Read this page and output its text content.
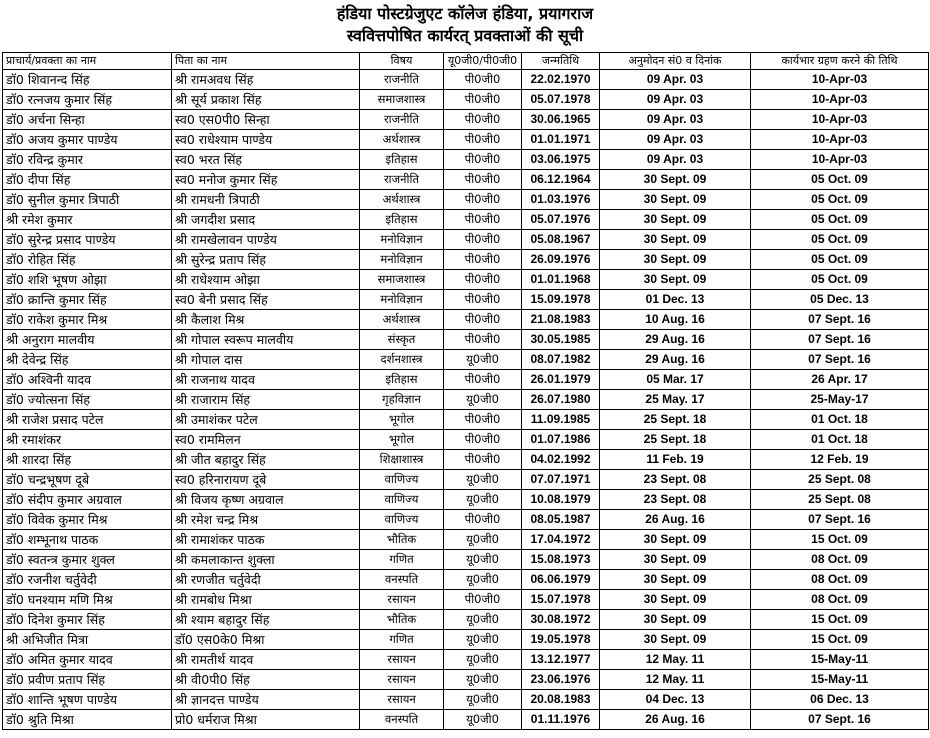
हंडिया पोस्टग्रेजुएट कॉलेज हंडिया, प्रयागराज
स्ववित्तपोषित कार्यरत् प्रवक्ताओं की सूची
प्राचार्य/प्रवक्ता का नाम	पिता का नाम	विषय	यू0जी0/पी0जी0	जन्मतिथि	अनुमोदन सं0 व दिनांक	कार्यभार ग्रहण करने की तिथि
डॉ0 शिवानन्द सिंह	श्री रामअवध सिंह	राजनीति	पी0जी0	22.02.1970	09 Apr. 03	10-Apr-03
डॉ0 रत्नजय कुमार सिंह	श्री सूर्य प्रकाश सिंह	समाजशास्त्र	पी0जी0	05.07.1978	09 Apr. 03	10-Apr-03
डॉ0 अर्चना सिन्हा	स्व0 एस0पी0 सिन्हा	राजनीति	पी0जी0	30.06.1965	09 Apr. 03	10-Apr-03
डॉ0 अजय कुमार पाण्डेय	स्व0 राधेश्याम पाण्डेय	अर्थशास्त्र	पी0जी0	01.01.1971	09 Apr. 03	10-Apr-03
डॉ0 रविन्द्र कुमार	स्व0 भरत सिंह	इतिहास	पी0जी0	03.06.1975	09 Apr. 03	10-Apr-03
डॉ0 दीपा सिंह	स्व0 मनोज कुमार सिंह	राजनीति	पी0जी0	06.12.1964	30 Sept. 09	05 Oct. 09
डॉ0 सुनील कुमार त्रिपाठी	श्री रामधनी त्रिपाठी	अर्थशास्त्र	पी0जी0	01.03.1976	30 Sept. 09	05 Oct. 09
श्री रमेश कुमार	श्री जगदीश प्रसाद	इतिहास	पी0जी0	05.07.1976	30 Sept. 09	05 Oct. 09
डॉ0 सुरेन्द्र प्रसाद पाण्डेय	श्री रामखेलावन पाण्डेय	मनोविज्ञान	पी0जी0	05.08.1967	30 Sept. 09	05 Oct. 09
डॉ0 रोहित सिंह	श्री सुरेन्द्र प्रताप सिंह	मनोविज्ञान	पी0जी0	26.09.1976	30 Sept. 09	05 Oct. 09
डॉ0 शशि भूषण ओझा	श्री राधेश्याम ओझा	समाजशास्त्र	पी0जी0	01.01.1968	30 Sept. 09	05 Oct. 09
डॉ0 क्रान्ति कुमार सिंह	स्व0 बेनी प्रसाद सिंह	मनोविज्ञान	पी0जी0	15.09.1978	01 Dec. 13	05 Dec. 13
डॉ0 राकेश कुमार मिश्र	श्री कैलाश मिश्र	अर्थशास्त्र	पी0जी0	21.08.1983	10 Aug. 16	07 Sept. 16
श्री अनुराग मालवीय	श्री गोपाल स्वरूप मालवीय	संस्कृत	पी0जी0	30.05.1985	29 Aug. 16	07 Sept. 16
श्री देवेन्द्र सिंह	श्री गोपाल दास	दर्शनशास्त्र	यू0जी0	08.07.1982	29 Aug. 16	07 Sept. 16
डॉ0 अश्विनी यादव	श्री राजनाथ यादव	इतिहास	पी0जी0	26.01.1979	05 Mar. 17	26 Apr. 17
डॉ0 ज्योत्सना सिंह	श्री राजाराम सिंह	गृहविज्ञान	यू0जी0	26.07.1980	25 May. 17	25-May-17
श्री राजेश प्रसाद पटेल	श्री उमाशंकर पटेल	भूगोल	पी0जी0	11.09.1985	25 Sept. 18	01 Oct. 18
श्री रमाशंकर	स्व0 राममिलन	भूगोल	पी0जी0	01.07.1986	25 Sept. 18	01 Oct. 18
श्री शारदा सिंह	श्री जीत बहादुर सिंह	शिक्षाशास्त्र	पी0जी0	04.02.1992	11 Feb. 19	12 Feb. 19
डॉ0 चन्द्रभूषण दूबे	स्व0 हरिनारायण दूबे	वाणिज्य	यू0जी0	07.07.1971	23 Sept. 08	25 Sept. 08
डॉ0 संदीप कुमार अग्रवाल	श्री विजय कृष्ण अग्रवाल	वाणिज्य	यू0जी0	10.08.1979	23 Sept. 08	25 Sept. 08
डॉ0 विवेक कुमार मिश्र	श्री रमेश चन्द्र मिश्र	वाणिज्य	पी0जी0	08.05.1987	26 Aug. 16	07 Sept. 16
डॉ0 शम्भूनाथ पाठक	श्री रामाशंकर पाठक	भौतिक	यू0जी0	17.04.1972	30 Sept. 09	15 Oct. 09
डॉ0 स्वतन्त्र कुमार शुक्ल	श्री कमलाकान्त शुक्ला	गणित	यू0जी0	15.08.1973	30 Sept. 09	08 Oct. 09
डॉ0 रजनीश चर्तुवेदी	श्री रणजीत चर्तुवेदी	वनस्पति	यू0जी0	06.06.1979	30 Sept. 09	08 Oct. 09
डॉ0 घनश्याम मणि मिश्र	श्री रामबोध मिश्रा	रसायन	पी0जी0	15.07.1978	30 Sept. 09	08 Oct. 09
डॉ0 दिनेश कुमार सिंह	श्री श्याम बहादुर सिंह	भौतिक	यू0जी0	30.08.1972	30 Sept. 09	15 Oct. 09
श्री अभिजीत मित्रा	डॉ0 एस0के0 मिश्रा	गणित	यू0जी0	19.05.1978	30 Sept. 09	15 Oct. 09
डॉ0 अमित कुमार यादव	श्री रामतीर्थ यादव	रसायन	यू0जी0	13.12.1977	12 May. 11	15-May-11
डॉ0 प्रवीण प्रताप सिंह	श्री वी0पी0 सिंह	रसायन	यू0जी0	23.06.1976	12 May. 11	15-May-11
डॉ0 शान्ति भूषण पाण्डेय	श्री ज्ञानदत्त पाण्डेय	रसायन	यू0जी0	20.08.1983	04 Dec. 13	06 Dec. 13
डॉ0 श्रुति मिश्रा	प्रो0 धर्मराज मिश्रा	वनस्पति	यू0जी0	01.11.1976	26 Aug. 16	07 Sept. 16
